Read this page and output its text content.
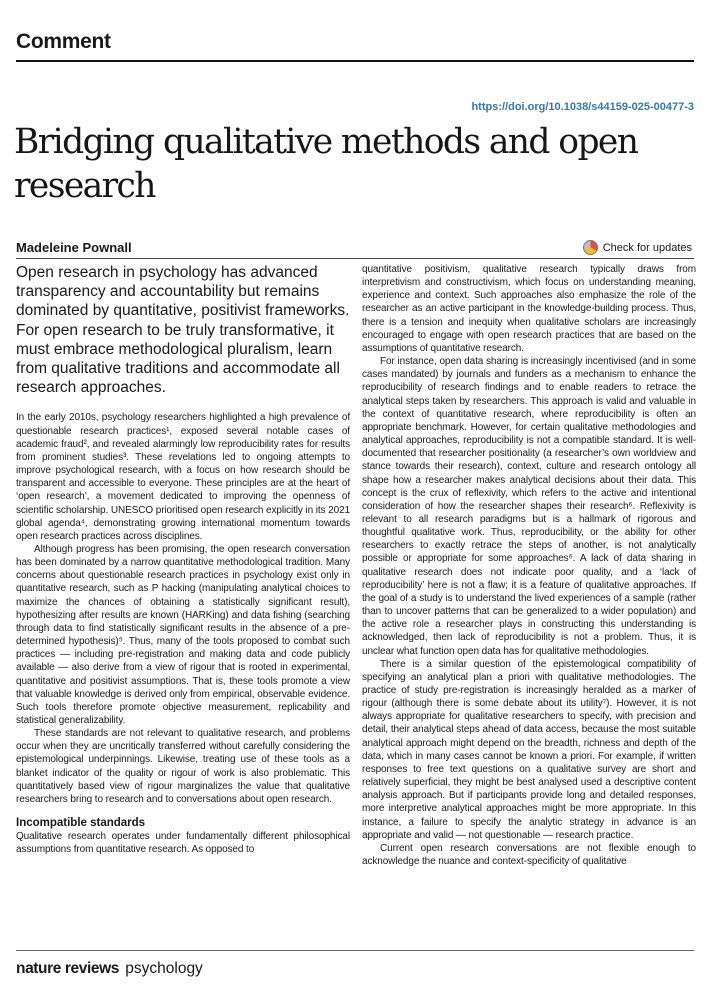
Comment
https://doi.org/10.1038/s44159-025-00477-3
Bridging qualitative methods and open research
Madeleine Pownall	Check for updates

Open research in psychology has advanced transparency and accountability but remains dominated by quantitative, positivist frameworks. For open research to be truly transformative, it must embrace methodological pluralism, learn from qualitative traditions and accommodate all research approaches.

In the early 2010s, psychology researchers highlighted a high prevalence of questionable research practices¹, exposed several notable cases of academic fraud², and revealed alarmingly low reproducibility rates for results from prominent studies³. These revelations led to ongoing attempts to improve psychological research, with a focus on how research should be transparent and accessible to everyone. These principles are at the heart of ‘open research’, a movement dedicated to improving the openness of scientific scholarship. UNESCO prioritised open research explicitly in its 2021 global agenda⁴, demonstrating growing international momentum towards open research practices across disciplines.

Although progress has been promising, the open research conversation has been dominated by a narrow quantitative methodological tradition. Many concerns about questionable research practices in psychology exist only in quantitative research, such as P hacking (manipulating analytical choices to maximize the chances of obtaining a statistically significant result), hypothesizing after results are known (HARKing) and data fishing (searching through data to find statistically significant results in the absence of a pre-determined hypothesis)⁵. Thus, many of the tools proposed to combat such practices — including pre-registration and making data and code publicly available — also derive from a view of rigour that is rooted in experimental, quantitative and positivist assumptions. That is, these tools promote a view that valuable knowledge is derived only from empirical, observable evidence. Such tools therefore promote objective measurement, replicability and statistical generalizability.

These standards are not relevant to qualitative research, and problems occur when they are uncritically transferred without carefully considering the epistemological underpinnings. Likewise, treating use of these tools as a blanket indicator of the quality or rigour of work is also problematic. This quantitatively based view of rigour marginalizes the value that qualitative researchers bring to research and to conversations about open research.

Incompatible standards

Qualitative research operates under fundamentally different philosophical assumptions from quantitative research. As opposed to

quantitative positivism, qualitative research typically draws from interpretivism and constructivism, which focus on understanding meaning, experience and context. Such approaches also emphasize the role of the researcher as an active participant in the knowledge-building process. Thus, there is a tension and inequity when qualitative scholars are increasingly encouraged to engage with open research practices that are based on the assumptions of quantitative research.

For instance, open data sharing is increasingly incentivised (and in some cases mandated) by journals and funders as a mechanism to enhance the reproducibility of research findings and to enable readers to retrace the analytical steps taken by researchers. This approach is valid and valuable in the context of quantitative research, where reproducibility is often an appropriate benchmark. However, for certain qualitative methodologies and analytical approaches, reproducibility is not a compatible standard. It is well-documented that researcher positionality (a researcher’s own worldview and stance towards their research), context, culture and research ontology all shape how a researcher makes analytical decisions about their data. This concept is the crux of reflexivity, which refers to the active and intentional consideration of how the researcher shapes their research⁶. Reflexivity is relevant to all research paradigms but is a hallmark of rigorous and thoughtful qualitative work. Thus, reproducibility, or the ability for other researchers to exactly retrace the steps of another, is not analytically possible or appropriate for some approaches⁶. A lack of data sharing in qualitative research does not indicate poor quality, and a ‘lack of reproducibility’ here is not a flaw; it is a feature of qualitative approaches. If the goal of a study is to understand the lived experiences of a sample (rather than to uncover patterns that can be generalized to a wider population) and the active role a researcher plays in constructing this understanding is acknowledged, then lack of reproducibility is not a problem. Thus, it is unclear what function open data has for qualitative methodologies.

There is a similar question of the epistemological compatibility of specifying an analytical plan a priori with qualitative methodologies. The practice of study pre-registration is increasingly heralded as a marker of rigour (although there is some debate about its utility⁷). However, it is not always appropriate for qualitative researchers to specify, with precision and detail, their analytical steps ahead of data access, because the most suitable analytical approach might depend on the breadth, richness and depth of the data, which in many cases cannot be known a priori. For example, if written responses to free text questions on a qualitative survey are short and relatively superficial, they might be best analysed used a descriptive content analysis approach. But if participants provide long and detailed responses, more interpretive analytical approaches might be more appropriate. In this instance, a failure to specify the analytic strategy in advance is an appropriate and valid — not questionable — research practice.

Current open research conversations are not flexible enough to acknowledge the nuance and context-specificity of qualitative

nature reviews psychology
